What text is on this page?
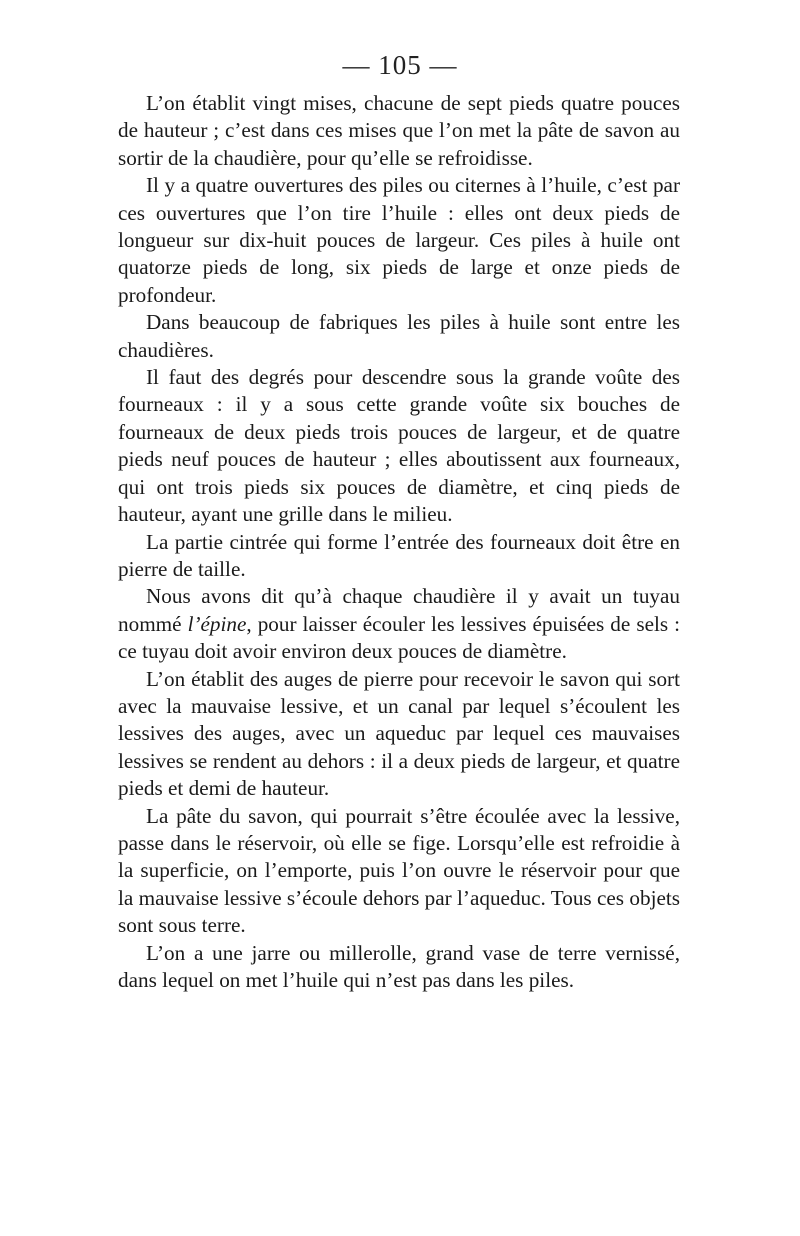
— 105 —

L’on établit vingt mises, chacune de sept pieds quatre pouces de hauteur ; c’est dans ces mises que l’on met la pâte de savon au sortir de la chaudière, pour qu’elle se refroidisse.

Il y a quatre ouvertures des piles ou citernes à l’huile, c’est par ces ouvertures que l’on tire l’huile : elles ont deux pieds de longueur sur dix-huit pouces de largeur. Ces piles à huile ont quatorze pieds de long, six pieds de large et onze pieds de profondeur.

Dans beaucoup de fabriques les piles à huile sont entre les chaudières.

Il faut des degrés pour descendre sous la grande voûte des fourneaux : il y a sous cette grande voûte six bouches de fourneaux de deux pieds trois pouces de largeur, et de quatre pieds neuf pouces de hauteur ; elles aboutissent aux fourneaux, qui ont trois pieds six pouces de diamètre, et cinq pieds de hauteur, ayant une grille dans le milieu.

La partie cintrée qui forme l’entrée des fourneaux doit être en pierre de taille.

Nous avons dit qu’à chaque chaudière il y avait un tuyau nommé l’épine, pour laisser écouler les lessives épuisées de sels : ce tuyau doit avoir environ deux pouces de diamètre.

L’on établit des auges de pierre pour recevoir le savon qui sort avec la mauvaise lessive, et un canal par lequel s’écoulent les lessives des auges, avec un aqueduc par lequel ces mauvaises lessives se rendent au dehors : il a deux pieds de largeur, et quatre pieds et demi de hauteur.

La pâte du savon, qui pourrait s’être écoulée avec la lessive, passe dans le réservoir, où elle se fige. Lorsqu’elle est refroidie à la superficie, on l’emporte, puis l’on ouvre le réservoir pour que la mauvaise lessive s’écoule dehors par l’aqueduc. Tous ces objets sont sous terre.

L’on a une jarre ou millerolle, grand vase de terre vernissé, dans lequel on met l’huile qui n’est pas dans les piles.
